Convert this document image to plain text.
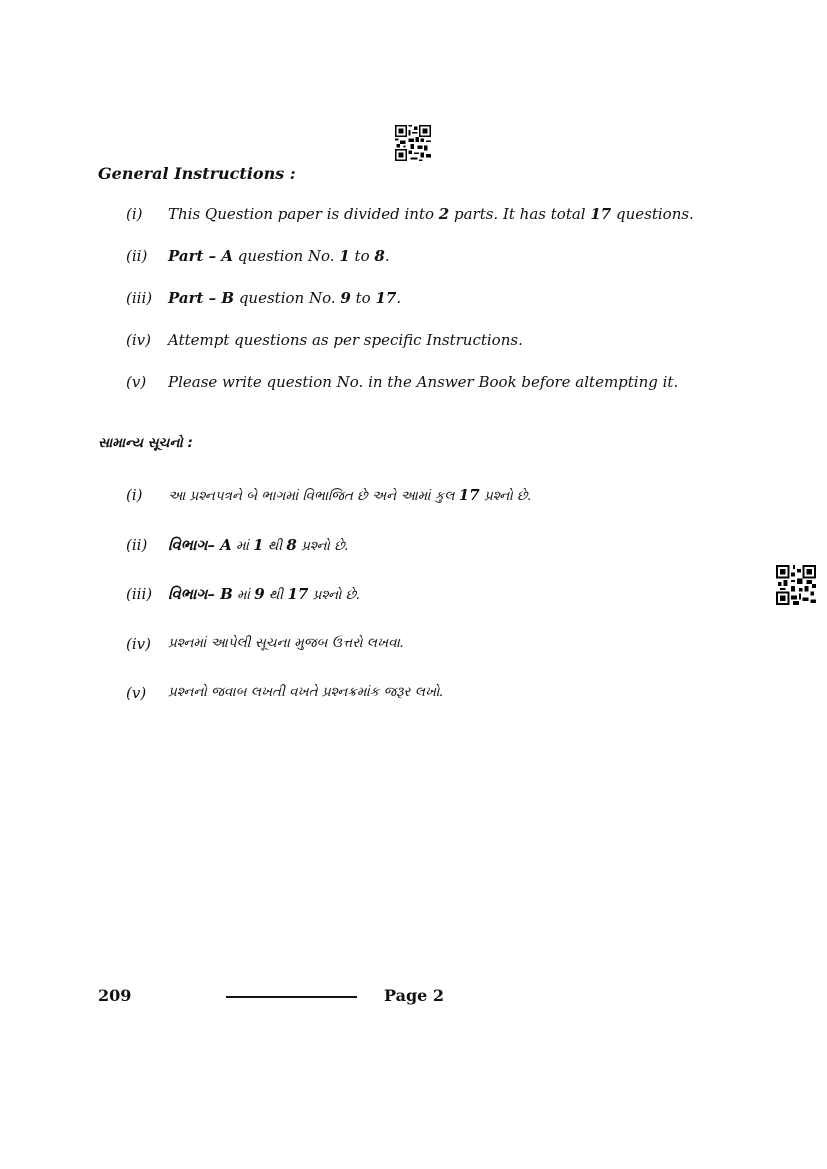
General Instructions :
(i) This Question paper is divided into 2 parts. It has total 17 questions.
(ii) Part – A question No. 1 to 8.
(iii) Part – B question No. 9 to 17.
(iv) Attempt questions as per specific Instructions.
(v) Please write question No. in the Answer Book before altempting it.
સામાન્ય સૂચનો :
(i) આ પ્રશ્નપત્રને બે ભાગમાં વિભાજિત છે અને આમાં કુલ 17 પ્રશ્નો છે.
(ii) વિભાગ– A માં 1 થી 8 પ્રશ્નો છે.
(iii) વિભાગ– B માં 9 થી 17 પ્રશ્નો છે.
(iv) પ્રશ્નમાં આપેલી સૂચના મુજબ ઉત્તરો લખવા.
(v) પ્રશ્નનો જવાબ લખતી વખતે પ્રશ્નક્રમાંક જરૂર લખો.
209	Page 2
